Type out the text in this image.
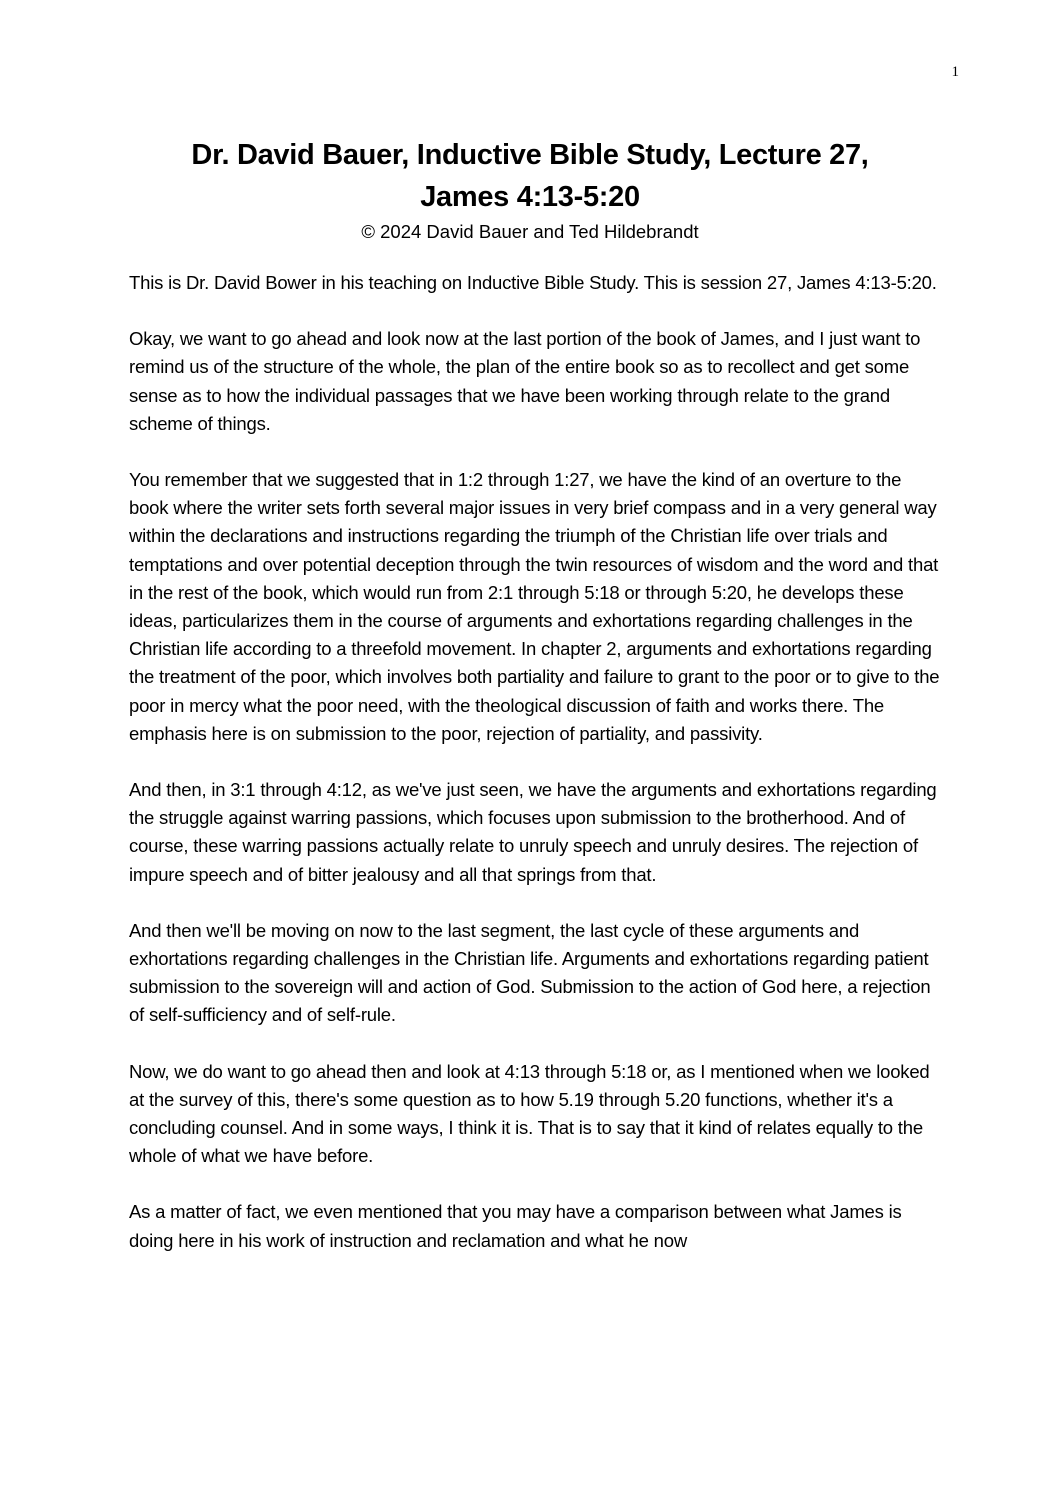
1
Dr. David Bauer, Inductive Bible Study, Lecture 27,
James 4:13-5:20

© 2024 David Bauer and Ted Hildebrandt

This is Dr. David Bower in his teaching on Inductive Bible Study. This is session 27, James 4:13-5:20.

Okay, we want to go ahead and look now at the last portion of the book of James, and I just want to remind us of the structure of the whole, the plan of the entire book so as to recollect and get some sense as to how the individual passages that we have been working through relate to the grand scheme of things.

You remember that we suggested that in 1:2 through 1:27, we have the kind of an overture to the book where the writer sets forth several major issues in very brief compass and in a very general way within the declarations and instructions regarding the triumph of the Christian life over trials and temptations and over potential deception through the twin resources of wisdom and the word and that in the rest of the book, which would run from 2:1 through 5:18 or through 5:20, he develops these ideas, particularizes them in the course of arguments and exhortations regarding challenges in the Christian life according to a threefold movement. In chapter 2, arguments and exhortations regarding the treatment of the poor, which involves both partiality and failure to grant to the poor or to give to the poor in mercy what the poor need, with the theological discussion of faith and works there. The emphasis here is on submission to the poor, rejection of partiality, and passivity.

And then, in 3:1 through 4:12, as we've just seen, we have the arguments and exhortations regarding the struggle against warring passions, which focuses upon submission to the brotherhood. And of course, these warring passions actually relate to unruly speech and unruly desires. The rejection of impure speech and of bitter jealousy and all that springs from that.

And then we'll be moving on now to the last segment, the last cycle of these arguments and exhortations regarding challenges in the Christian life. Arguments and exhortations regarding patient submission to the sovereign will and action of God. Submission to the action of God here, a rejection of self-sufficiency and of self-rule.

Now, we do want to go ahead then and look at 4:13 through 5:18 or, as I mentioned when we looked at the survey of this, there's some question as to how 5.19 through 5.20 functions, whether it's a concluding counsel. And in some ways, I think it is. That is to say that it kind of relates equally to the whole of what we have before.

As a matter of fact, we even mentioned that you may have a comparison between what James is doing here in his work of instruction and reclamation and what he now
